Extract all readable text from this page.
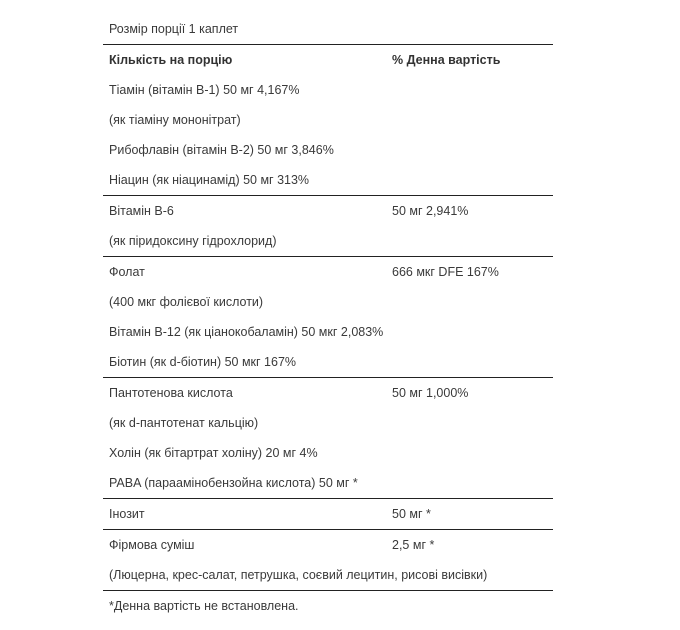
Розмір порції 1 каплет
Кількість на порцію	% Денна вартість
Тіамін (вітамін B-1) 50 мг 4,167%
(як тіаміну мононітрат)
Рибофлавін (вітамін B-2) 50 мг 3,846%
Ніацин (як ніацинамід) 50 мг 313%
Вітамін B-6	50 мг 2,941%
(як піридоксину гідрохлорид)
Фолат	666 мкг DFE 167%
(400 мкг фолієвої кислоти)
Вітамін B-12 (як ціанокобаламін) 50 мкг 2,083%
Біотин (як d-біотин) 50 мкг 167%
Пантотенова кислота	50 мг 1,000%
(як d-пантотенат кальцію)
Холін (як бітартрат холіну) 20 мг 4%
PABA (параамінобензойна кислота) 50 мг *
Інозит	50 мг *
Фірмова суміш	2,5 мг *
(Люцерна, крес-салат, петрушка, соєвий лецитин, рисові висівки)
*Денна вартість не встановлена.
